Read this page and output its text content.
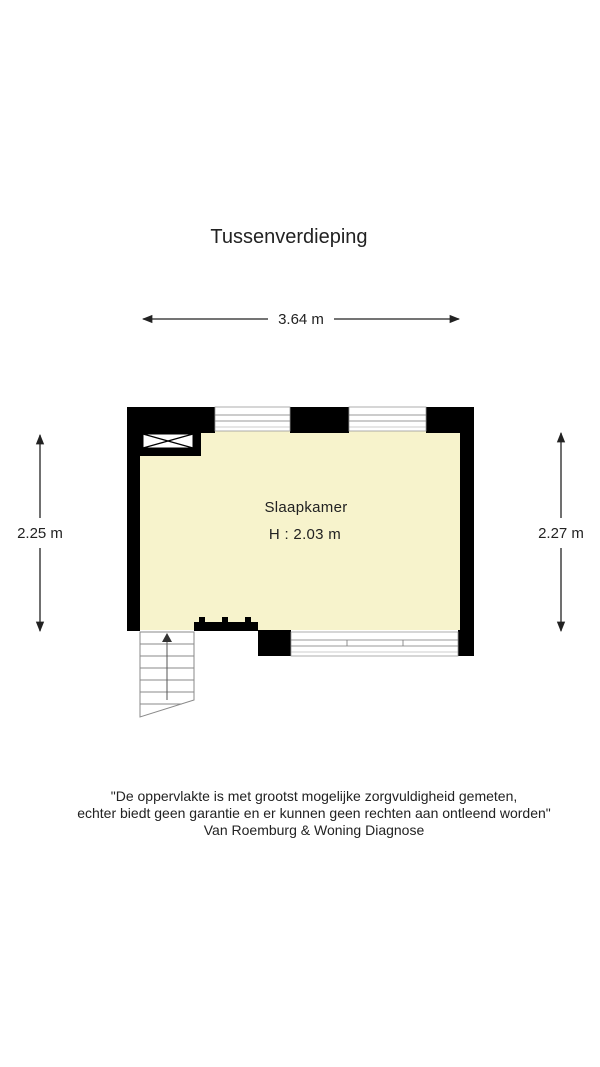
Tussenverdieping
3.64 m
2.25 m	2.27 m
Slaapkamer
H : 2.03 m
"De oppervlakte is met grootst mogelijke zorgvuldigheid gemeten,
echter biedt geen garantie en er kunnen geen rechten aan ontleend worden"
Van Roemburg & Woning Diagnose
